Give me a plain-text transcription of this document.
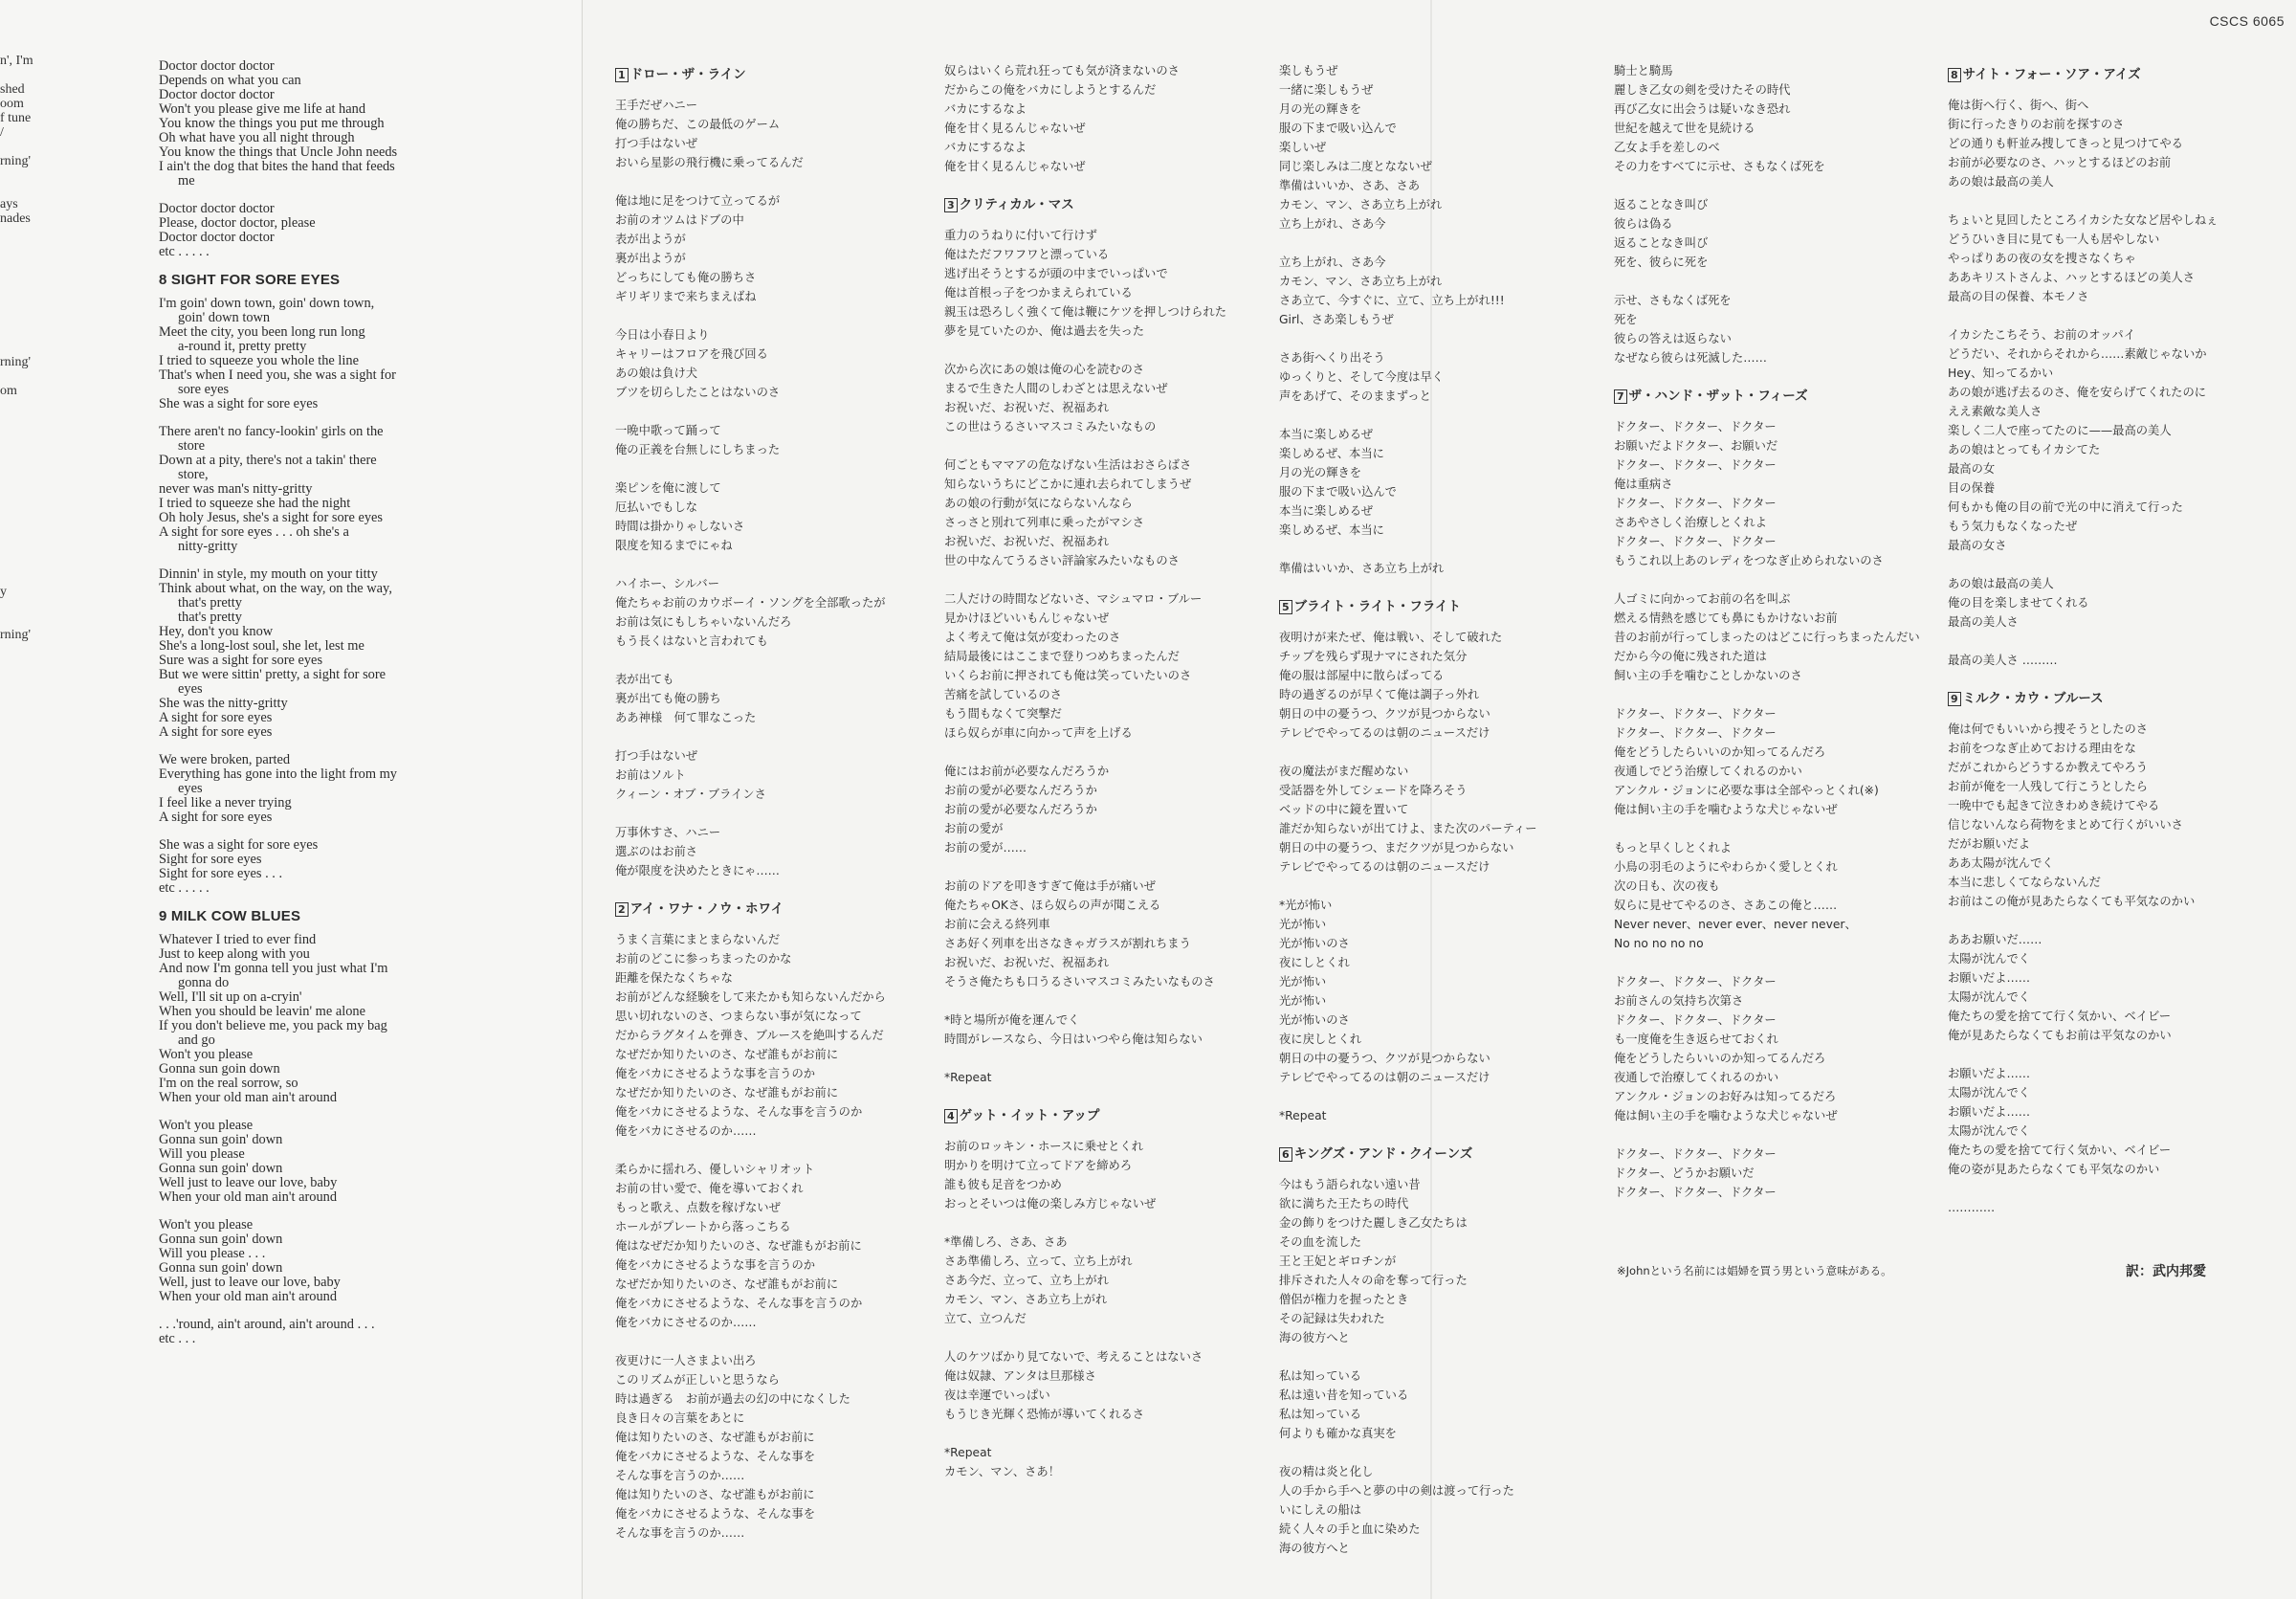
n', I'm
shed
oom
f tune
/
rning'
ays
nades
rning'
om
y
rning'
Doctor doctor doctor
Depends on what you can
Doctor doctor doctor
Won't you please give me life at hand
You know the things you put me through
Oh what have you all night through
You know the things that Uncle John needs
I ain't the dog that bites the hand that feeds
me
Doctor doctor doctor
Please, doctor doctor, please
Doctor doctor doctor
etc . . . . .
8 SIGHT FOR SORE EYES
I'm goin' down town, goin' down town,
goin' down town
Meet the city, you been long run long
a-round it, pretty pretty
I tried to squeeze you whole the line
That's when I need you, she was a sight for
sore eyes
She was a sight for sore eyes
There aren't no fancy-lookin' girls on the
store
Down at a pity, there's not a takin' there
store,
never was man's nitty-gritty
I tried to squeeze she had the night
Oh holy Jesus, she's a sight for sore eyes
A sight for sore eyes . . . oh she's a
nitty-gritty
Dinnin' in style, my mouth on your titty
Think about what, on the way, on the way,
that's pretty
that's pretty
Hey, don't you know
She's a long-lost soul, she let, lest me
Sure was a sight for sore eyes
But we were sittin' pretty, a sight for sore
eyes
She was the nitty-gritty
A sight for sore eyes
A sight for sore eyes
We were broken, parted
Everything has gone into the light from my
eyes
I feel like a never trying
A sight for sore eyes
She was a sight for sore eyes
Sight for sore eyes
Sight for sore eyes . . .
etc . . . . .
9 MILK COW BLUES
Whatever I tried to ever find
Just to keep along with you
And now I'm gonna tell you just what I'm
gonna do
Well, I'll sit up on a-cryin'
When you should be leavin' me alone
If you don't believe me, you pack my bag
and go
Won't you please
Gonna sun goin down
I'm on the real sorrow, so
When your old man ain't around
Won't you please
Gonna sun goin' down
Will you please
Gonna sun goin' down
Well just to leave our love, baby
When your old man ain't around
Won't you please
Gonna sun goin' down
Will you please . . .
Gonna sun goin' down
Well, just to leave our love, baby
When your old man ain't around
. . .'round, ain't around, ain't around . . .
etc . . .
CSCS 6065
1 ドロー・ザ・ライン
王手だぜハニー
俺の勝ちだ、この最低のゲーム
打つ手はないぜ
おいら星影の飛行機に乗ってるんだ
俺は地に足をつけて立ってるが
お前のオツムはドブの中
表が出ようが
裏が出ようが
どっちにしても俺の勝ちさ
ギリギリまで来ちまえばね
今日は小春日より
キャリーはフロアを飛び回る
あの娘は負け犬
ブツを切らしたことはないのさ
一晩中歌って踊って
俺の正義を台無しにしちまった
楽ピンを俺に渡して
厄払いでもしな
時間は掛かりゃしないさ
限度を知るまでにゃね
ハイホー、シルバー
俺たちゃお前のカウボーイ・ソングを全部歌ったが
お前は気にもしちゃいないんだろ
もう長くはないと言われても
表が出ても
裏が出ても俺の勝ち
ああ神様　何て罪なこった
打つ手はないぜ
お前はソルト
クィーン・オブ・ブラインさ
万事休すさ、ハニー
選ぶのはお前さ
俺が限度を決めたときにゃ……
2 アイ・ワナ・ノウ・ホワイ
うまく言葉にまとまらないんだ
お前のどこに参っちまったのかな
距離を保たなくちゃな
お前がどんな経験をして来たかも知らないんだから
思い切れないのさ、つまらない事が気になって
だからラグタイムを弾き、ブルースを絶叫するんだ
なぜだか知りたいのさ、なぜ誰もがお前に
俺をバカにさせるような事を言うのか
なぜだか知りたいのさ、なぜ誰もがお前に
俺をバカにさせるような、そんな事を言うのか
俺をバカにさせるのか……
柔らかに揺れろ、優しいシャリオット
お前の甘い愛で、俺を導いておくれ
もっと歌え、点数を稼げないぜ
ホールがプレートから落っこちる
俺はなぜだか知りたいのさ、なぜ誰もがお前に
俺をバカにさせるような事を言うのか
なぜだか知りたいのさ、なぜ誰もがお前に
俺をバカにさせるような、そんな事を言うのか
俺をバカにさせるのか……
夜更けに一人さまよい出ろ
このリズムが正しいと思うなら
時は過ぎる　お前が過去の幻の中になくした
良き日々の言葉をあとに
俺は知りたいのさ、なぜ誰もがお前に
俺をバカにさせるような、そんな事を
そんな事を言うのか……
俺は知りたいのさ、なぜ誰もがお前に
俺をバカにさせるような、そんな事を
そんな事を言うのか……
奴らはいくら荒れ狂っても気が済まないのさ
だからこの俺をバカにしようとするんだ
バカにするなよ
俺を甘く見るんじゃないぜ
バカにするなよ
俺を甘く見るんじゃないぜ
3 クリティカル・マス
重力のうねりに付いて行けず
俺はただフワフワと漂っている
逃げ出そうとするが頭の中までいっぱいで
俺は首根っ子をつかまえられている
親玉は恐ろしく強くて俺は鞭にケツを押しつけられた
夢を見ていたのか、俺は過去を失った
次から次にあの娘は俺の心を読むのさ
まるで生きた人間のしわざとは思えないぜ
お祝いだ、お祝いだ、祝福あれ
この世はうるさいマスコミみたいなもの
何ごともママアの危なげない生活はおさらばさ
知らないうちにどこかに連れ去られてしまうぜ
あの娘の行動が気にならないんなら
さっさと別れて列車に乗ったがマシさ
お祝いだ、お祝いだ、祝福あれ
世の中なんてうるさい評論家みたいなものさ
二人だけの時間などないさ、マシュマロ・ブルー
見かけほどいいもんじゃないぜ
よく考えて俺は気が変わったのさ
結局最後にはここまで登りつめちまったんだ
いくらお前に押されても俺は笑っていたいのさ
苦痛を試しているのさ
もう間もなくて突撃だ
ほら奴らが車に向かって声を上げる
俺にはお前が必要なんだろうか
お前の愛が必要なんだろうか
お前の愛が必要なんだろうか
お前の愛が
お前の愛が……
お前のドアを叩きすぎて俺は手が痛いぜ
俺たちゃOKさ、ほら奴らの声が聞こえる
お前に会える終列車
さあ好く列車を出さなきゃガラスが割れちまう
お祝いだ、お祝いだ、祝福あれ
そうさ俺たちも口うるさいマスコミみたいなものさ
*時と場所が俺を運んでく
時間がレースなら、今日はいつやら俺は知らない
*Repeat
4 ゲット・イット・アップ
お前のロッキン・ホースに乗せとくれ
明かりを明けて立ってドアを締めろ
誰も彼も足音をつかめ
おっとそいつは俺の楽しみ方じゃないぜ
*準備しろ、さあ、さあ
さあ準備しろ、立って、立ち上がれ
さあ今だ、立って、立ち上がれ
カモン、マン、さあ立ち上がれ
立て、立つんだ
人のケツばかり見てないで、考えることはないさ
俺は奴隷、アンタは旦那様さ
夜は幸運でいっぱい
もうじき光輝く恐怖が導いてくれるさ
*Repeat
カモン、マン、さあ！
楽しもうぜ
一緒に楽しもうぜ
月の光の輝きを
服の下まで吸い込んで
楽しいぜ
同じ楽しみは二度となないぜ
準備はいいか、さあ、さあ
カモン、マン、さあ立ち上がれ
立ち上がれ、さあ今
立ち上がれ、さあ今
カモン、マン、さあ立ち上がれ
さあ立て、今すぐに、立て、立ち上がれ!!!
Girl、さあ楽しもうぜ
さあ街へくり出そう
ゆっくりと、そして今度は早く
声をあげて、そのままずっと
本当に楽しめるぜ
楽しめるぜ、本当に
月の光の輝きを
服の下まで吸い込んで
本当に楽しめるぜ
楽しめるぜ、本当に
準備はいいか、さあ立ち上がれ
5 ブライト・ライト・フライト
夜明けが来たぜ、俺は戦い、そして破れた
チップを残らず現ナマにされた気分
俺の服は部屋中に散らばってる
時の過ぎるのが早くて俺は調子っ外れ
朝日の中の憂うつ、クツが見つからない
テレビでやってるのは朝のニュースだけ
夜の魔法がまだ醒めない
受話器を外してシェードを降ろそう
ベッドの中に鏡を置いて
誰だか知らないが出てけよ、また次のパーティー
朝日の中の憂うつ、まだクツが見つからない
テレビでやってるのは朝のニュースだけ
*光が怖い
光が怖い
光が怖いのさ
夜にしとくれ
光が怖い
光が怖い
光が怖いのさ
夜に戻しとくれ
朝日の中の憂うつ、クツが見つからない
テレビでやってるのは朝のニュースだけ
*Repeat
6 キングズ・アンド・クイーンズ
今はもう語られない遠い昔
欲に満ちた王たちの時代
金の飾りをつけた麗しき乙女たちは
その血を流した
王と王妃とギロチンが
排斥された人々の命を奪って行った
僧侶が権力を握ったとき
その記録は失われた
海の彼方へと
私は知っている
私は遠い昔を知っている
私は知っている
何よりも確かな真実を
夜の精は炎と化し
人の手から手へと夢の中の剣は渡って行った
いにしえの船は
続く人々の手と血に染めた
海の彼方へと
騎士と騎馬
麗しき乙女の剣を受けたその時代
再び乙女に出会うは疑いなき恐れ
世紀を越えて世を見続ける
乙女よ手を差しのべ
その力をすべてに示せ、さもなくば死を
返ることなき叫び
彼らは偽る
返ることなき叫び
死を、彼らに死を
示せ、さもなくば死を
死を
彼らの答えは返らない
なぜなら彼らは死滅した……
7 ザ・ハンド・ザット・フィーズ
ドクター、ドクター、ドクター
お願いだよドクター、お願いだ
ドクター、ドクター、ドクター
俺は重病さ
ドクター、ドクター、ドクター
さあやさしく治療しとくれよ
ドクター、ドクター、ドクター
もうこれ以上あのレディをつなぎ止められないのさ
人ゴミに向かってお前の名を叫ぶ
燃える情熱を感じても鼻にもかけないお前
昔のお前が行ってしまったのはどこに行っちまったんだい
だから今の俺に残された道は
飼い主の手を噛むことしかないのさ
ドクター、ドクター、ドクター
ドクター、ドクター、ドクター
俺をどうしたらいいのか知ってるんだろ
夜通しでどう治療してくれるのかい
アンクル・ジョンに必要な事は全部やっとくれ(※)
俺は飼い主の手を噛むような犬じゃないぜ
もっと早くしとくれよ
小鳥の羽毛のようにやわらかく愛しとくれ
次の日も、次の夜も
奴らに見せてやるのさ、さあこの俺と……
Never never、never ever、never never、
No no no no no
ドクター、ドクター、ドクター
お前さんの気持ち次第さ
ドクター、ドクター、ドクター
も一度俺を生き返らせておくれ
俺をどうしたらいいのか知ってるんだろ
夜通しで治療してくれるのかい
アンクル・ジョンのお好みは知ってるだろ
俺は飼い主の手を噛むような犬じゃないぜ
ドクター、ドクター、ドクター
ドクター、どうかお願いだ
ドクター、ドクター、ドクター
8 サイト・フォー・ソア・アイズ
俺は街へ行く、街へ、街へ
街に行ったきりのお前を探すのさ
どの通りも軒並み捜してきっと見つけてやる
お前が必要なのさ、ハッとするほどのお前
あの娘は最高の美人
ちょいと見回したところイカシた女など居やしねぇ
どうひいき目に見ても一人も居やしない
やっぱりあの夜の女を捜さなくちゃ
ああキリストさんよ、ハッとするほどの美人さ
最高の目の保養、本モノさ
イカシたこちそう、お前のオッパイ
どうだい、それからそれから……素敵じゃないか
Hey、知ってるかい
あの娘が逃げ去るのさ、俺を安らげてくれたのに
ええ素敵な美人さ
楽しく二人で座ってたのに——最高の美人
あの娘はとってもイカシてた
最高の女
目の保養
何もかも俺の目の前で光の中に消えて行った
もう気力もなくなったぜ
最高の女さ
あの娘は最高の美人
俺の目を楽しませてくれる
最高の美人さ
最高の美人さ ………
9 ミルク・カウ・ブルース
俺は何でもいいから捜そうとしたのさ
お前をつなぎ止めておける理由をな
だがこれからどうするか教えてやろう
お前が俺を一人残して行こうとしたら
一晩中でも起きて泣きわめき続けてやる
信じないんなら荷物をまとめて行くがいいさ
だがお願いだよ
ああ太陽が沈んでく
本当に悲しくてならないんだ
お前はこの俺が見あたらなくても平気なのかい
ああお願いだ……
太陽が沈んでく
お願いだよ……
太陽が沈んでく
俺たちの愛を捨てて行く気かい、ベイビー
俺が見あたらなくてもお前は平気なのかい
お願いだよ……
太陽が沈んでく
お願いだよ……
太陽が沈んでく
俺たちの愛を捨てて行く気かい、ベイビー
俺の姿が見あたらなくても平気なのかい
…………
※Johnという名前には娼婦を買う男という意味がある。	訳：武内邦愛
